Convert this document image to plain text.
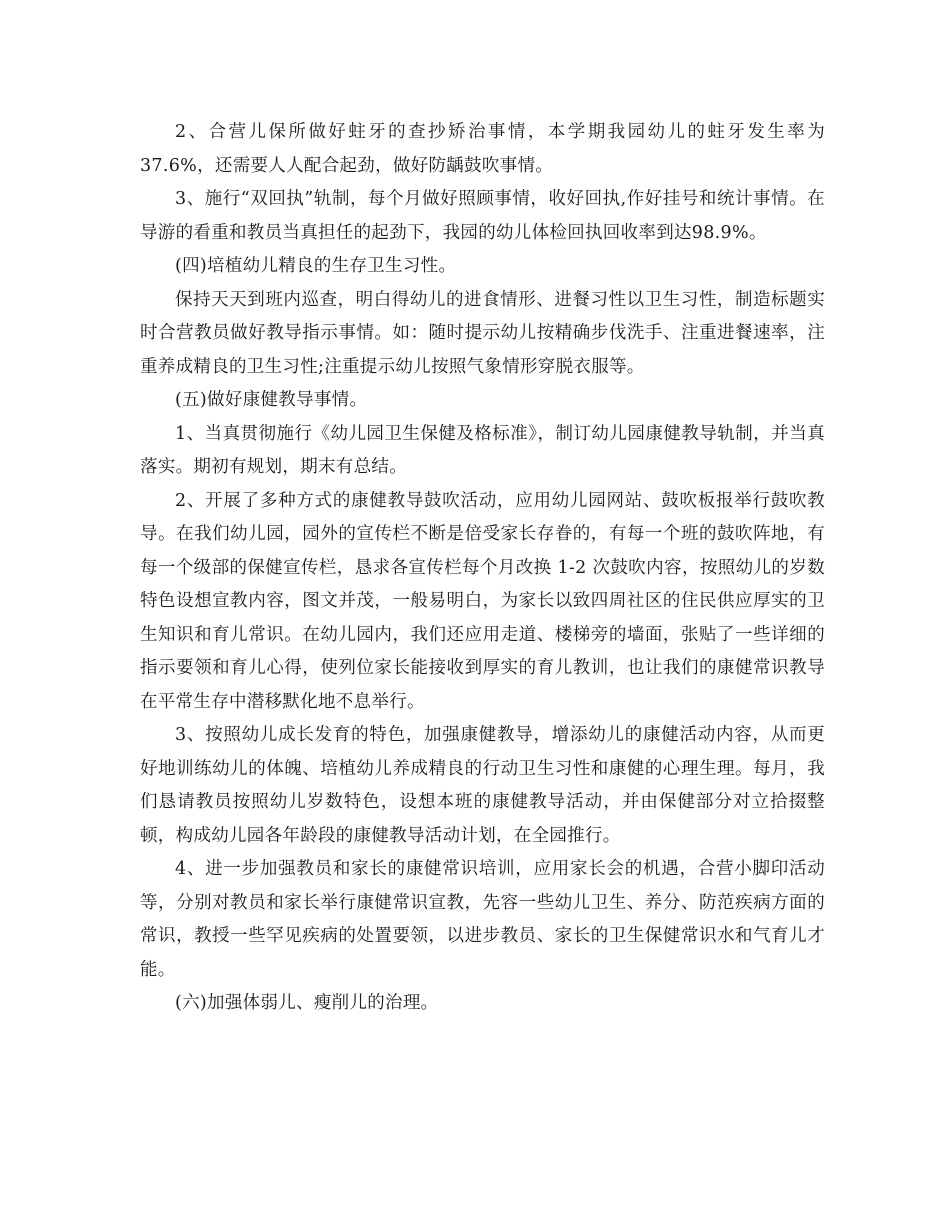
2、合营儿保所做好蛀牙的查抄矫治事情，本学期我园幼儿的蛀牙发生率为37.6%，还需要人人配合起劲，做好防龋鼓吹事情。

3、施行“双回执”轨制，每个月做好照顾事情，收好回执,作好挂号和统计事情。在导游的看重和教员当真担任的起劲下，我园的幼儿体检回执回收率到达98.9%。

(四)培植幼儿精良的生存卫生习性。

保持天天到班内巡查，明白得幼儿的进食情形、进餐习性以卫生习性，制造标题实时合营教员做好教导指示事情。如：随时提示幼儿按精确步伐洗手、注重进餐速率，注重养成精良的卫生习性;注重提示幼儿按照气象情形穿脱衣服等。

(五)做好康健教导事情。

1、当真贯彻施行《幼儿园卫生保健及格标准》，制订幼儿园康健教导轨制，并当真落实。期初有规划，期末有总结。

2、开展了多种方式的康健教导鼓吹活动，应用幼儿园网站、鼓吹板报举行鼓吹教导。在我们幼儿园，园外的宣传栏不断是倍受家长存眷的，有每一个班的鼓吹阵地，有每一个级部的保健宣传栏，恳求各宣传栏每个月改换 1-2 次鼓吹内容，按照幼儿的岁数特色设想宣教内容，图文并茂，一般易明白，为家长以致四周社区的住民供应厚实的卫生知识和育儿常识。在幼儿园内，我们还应用走道、楼梯旁的墙面，张贴了一些详细的指示要领和育儿心得，使列位家长能接收到厚实的育儿教训，也让我们的康健常识教导在平常生存中潜移默化地不息举行。

3、按照幼儿成长发育的特色，加强康健教导，增添幼儿的康健活动内容，从而更好地训练幼儿的体魄、培植幼儿养成精良的行动卫生习性和康健的心理生理。每月，我们恳请教员按照幼儿岁数特色，设想本班的康健教导活动，并由保健部分对立拾掇整顿，构成幼儿园各年龄段的康健教导活动计划，在全园推行。

4、进一步加强教员和家长的康健常识培训，应用家长会的机遇，合营小脚印活动等，分别对教员和家长举行康健常识宣教，先容一些幼儿卫生、养分、防范疾病方面的常识，教授一些罕见疾病的处置要领，以进步教员、家长的卫生保健常识水和气育儿才能。

(六)加强体弱儿、瘦削儿的治理。
